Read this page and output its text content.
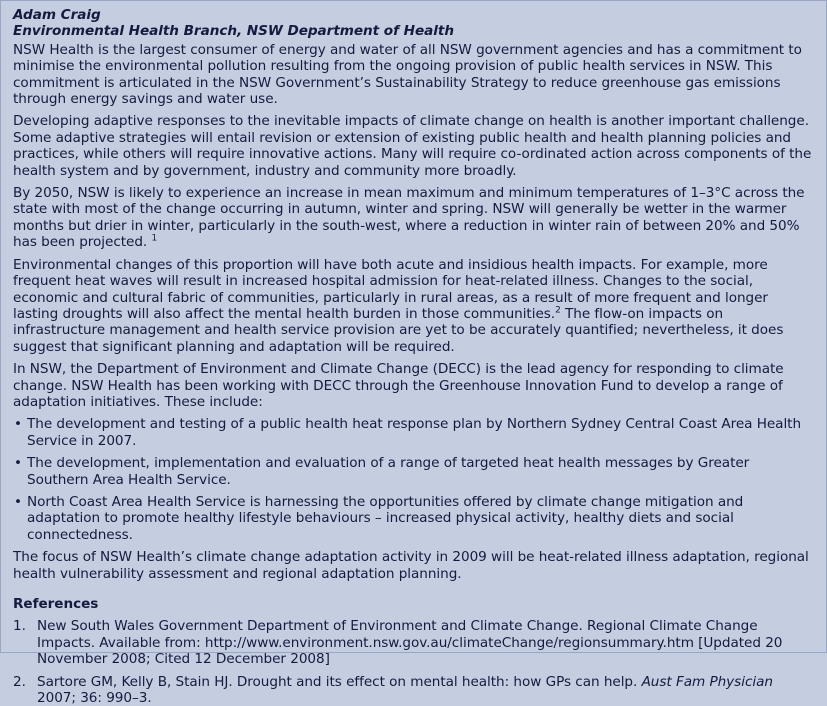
Adam Craig
Environmental Health Branch, NSW Department of Health

NSW Health is the largest consumer of energy and water of all NSW government agencies and has a commitment to minimise the environmental pollution resulting from the ongoing provision of public health services in NSW. This commitment is articulated in the NSW Government’s Sustainability Strategy to reduce greenhouse gas emissions through energy savings and water use.

Developing adaptive responses to the inevitable impacts of climate change on health is another important challenge. Some adaptive strategies will entail revision or extension of existing public health and health planning policies and practices, while others will require innovative actions. Many will require co-ordinated action across components of the health system and by government, industry and community more broadly.

By 2050, NSW is likely to experience an increase in mean maximum and minimum temperatures of 1–3°C across the state with most of the change occurring in autumn, winter and spring. NSW will generally be wetter in the warmer months but drier in winter, particularly in the south-west, where a reduction in winter rain of between 20% and 50% has been projected. $^1$

Environmental changes of this proportion will have both acute and insidious health impacts. For example, more frequent heat waves will result in increased hospital admission for heat-related illness. Changes to the social, economic and cultural fabric of communities, particularly in rural areas, as a result of more frequent and longer lasting droughts will also affect the mental health burden in those communities.$^2$ The flow-on impacts on infrastructure management and health service provision are yet to be accurately quantified; nevertheless, it does suggest that significant planning and adaptation will be required.

In NSW, the Department of Environment and Climate Change (DECC) is the lead agency for responding to climate change. NSW Health has been working with DECC through the Greenhouse Innovation Fund to develop a range of adaptation initiatives. These include:

• The development and testing of a public health heat response plan by Northern Sydney Central Coast Area Health Service in 2007.
• The development, implementation and evaluation of a range of targeted heat health messages by Greater Southern Area Health Service.
• North Coast Area Health Service is harnessing the opportunities offered by climate change mitigation and adaptation to promote healthy lifestyle behaviours – increased physical activity, healthy diets and social connectedness.

The focus of NSW Health’s climate change adaptation activity in 2009 will be heat-related illness adaptation, regional health vulnerability assessment and regional adaptation planning.

References
1. New South Wales Government Department of Environment and Climate Change. Regional Climate Change Impacts. Available from: http://www.environment.nsw.gov.au/climateChange/regionsummary.htm [Updated 20 November 2008; Cited 12 December 2008]
2. Sartore GM, Kelly B, Stain HJ. Drought and its effect on mental health: how GPs can help. Aust Fam Physician 2007; 36: 990–3.
